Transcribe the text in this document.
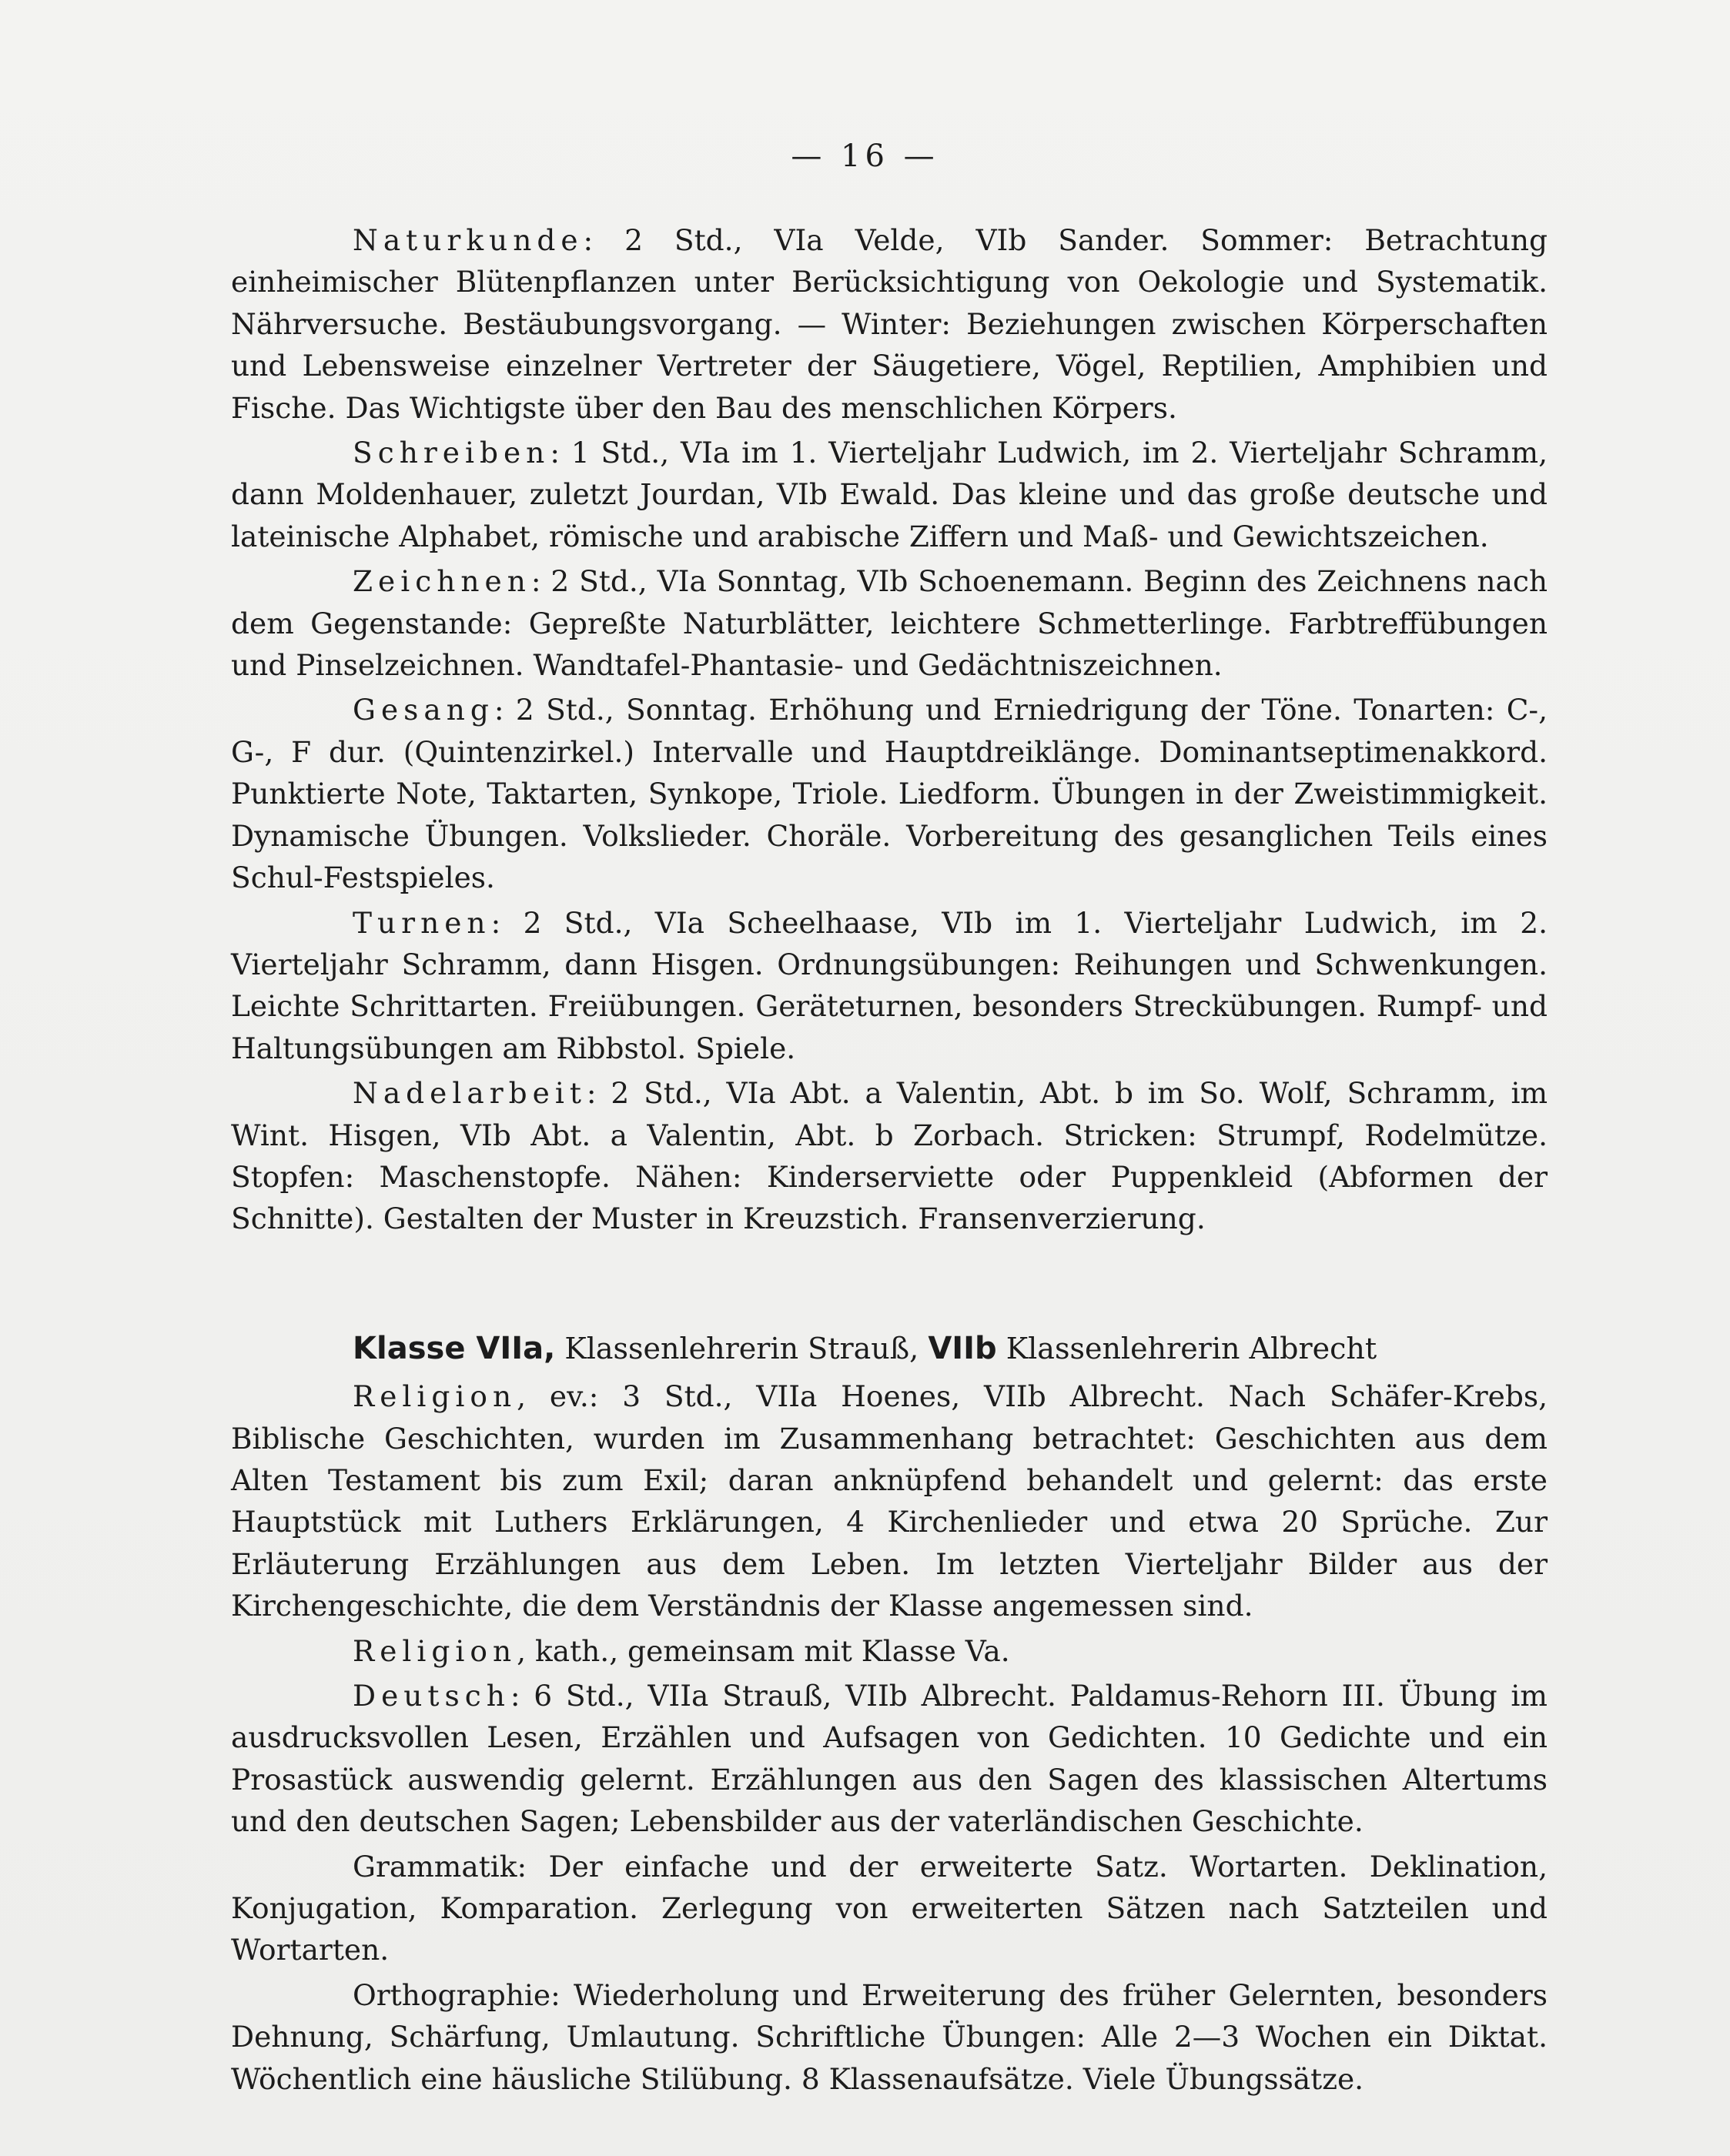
— 16 —

Naturkunde: 2 Std., VIa Velde, VIb Sander. Sommer: Betrachtung einheimischer Blütenpflanzen unter Berücksichtigung von Oekologie und Systematik. Nährversuche. Bestäubungsvorgang. — Winter: Beziehungen zwischen Körperschaften und Lebensweise einzelner Vertreter der Säugetiere, Vögel, Reptilien, Amphibien und Fische. Das Wichtigste über den Bau des menschlichen Körpers.

Schreiben: 1 Std., VIa im 1. Vierteljahr Ludwich, im 2. Vierteljahr Schramm, dann Moldenhauer, zuletzt Jourdan, VIb Ewald. Das kleine und das große deutsche und lateinische Alphabet, römische und arabische Ziffern und Maß- und Gewichtszeichen.

Zeichnen: 2 Std., VIa Sonntag, VIb Schoenemann. Beginn des Zeichnens nach dem Gegenstande: Gepreßte Naturblätter, leichtere Schmetterlinge. Farbtreffübungen und Pinselzeichnen. Wandtafel-Phantasie- und Gedächtniszeichnen.

Gesang: 2 Std., Sonntag. Erhöhung und Erniedrigung der Töne. Tonarten: C-, G-, F dur. (Quintenzirkel.) Intervalle und Hauptdreiklänge. Dominantseptimenakkord. Punktierte Note, Taktarten, Synkope, Triole. Liedform. Übungen in der Zweistimmigkeit. Dynamische Übungen. Volkslieder. Choräle. Vorbereitung des gesanglichen Teils eines Schul-Festspieles.

Turnen: 2 Std., VIa Scheelhaase, VIb im 1. Vierteljahr Ludwich, im 2. Vierteljahr Schramm, dann Hisgen. Ordnungsübungen: Reihungen und Schwenkungen. Leichte Schrittarten. Freiübungen. Geräteturnen, besonders Streckübungen. Rumpf- und Haltungsübungen am Ribbstol. Spiele.

Nadelarbeit: 2 Std., VIa Abt. a Valentin, Abt. b im So. Wolf, Schramm, im Wint. Hisgen, VIb Abt. a Valentin, Abt. b Zorbach. Stricken: Strumpf, Rodelmütze. Stopfen: Maschenstopfe. Nähen: Kinderserviette oder Puppenkleid (Abformen der Schnitte). Gestalten der Muster in Kreuzstich. Fransenverzierung.

Klasse VIIa, Klassenlehrerin Strauß, VIIb Klassenlehrerin Albrecht

Religion, ev.: 3 Std., VIIa Hoenes, VIIb Albrecht. Nach Schäfer-Krebs, Biblische Geschichten, wurden im Zusammenhang betrachtet: Geschichten aus dem Alten Testament bis zum Exil; daran anknüpfend behandelt und gelernt: das erste Hauptstück mit Luthers Erklärungen, 4 Kirchenlieder und etwa 20 Sprüche. Zur Erläuterung Erzählungen aus dem Leben. Im letzten Vierteljahr Bilder aus der Kirchengeschichte, die dem Verständnis der Klasse angemessen sind.

Religion, kath., gemeinsam mit Klasse Va.

Deutsch: 6 Std., VIIa Strauß, VIIb Albrecht. Paldamus-Rehorn III. Übung im ausdrucksvollen Lesen, Erzählen und Aufsagen von Gedichten. 10 Gedichte und ein Prosastück auswendig gelernt. Erzählungen aus den Sagen des klassischen Altertums und den deutschen Sagen; Lebensbilder aus der vaterländischen Geschichte.

Grammatik: Der einfache und der erweiterte Satz. Wortarten. Deklination, Konjugation, Komparation. Zerlegung von erweiterten Sätzen nach Satzteilen und Wortarten.

Orthographie: Wiederholung und Erweiterung des früher Gelernten, besonders Dehnung, Schärfung, Umlautung. Schriftliche Übungen: Alle 2—3 Wochen ein Diktat. Wöchentlich eine häusliche Stilübung. 8 Klassenaufsätze. Viele Übungssätze.
